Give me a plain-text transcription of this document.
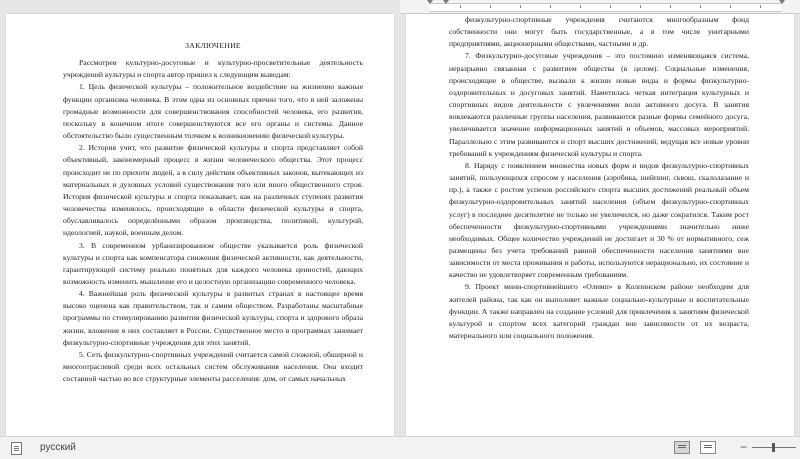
ЗАКЛЮЧЕНИЕ

Рассмотрев культурно-досуговые и культурно-просветительные деятельность учреждений культуры и спорта автор пришел к следующим выводам:

1. Цель физической культуры – положительное воздействие на жизненно важные функции организма человека. В этом одна из основных причин того, что в ней заложены громадные возможности для совершенствования способностей человека, его развития, поскольку в конечном итоге совершенствуются все его органы и системы. Данное обстоятельство было существенным толчком к возникновению физической культуры.

2. История учит, что развитие физической культуры и спорта представляет собой объективный, закономерный процесс в жизни человеческого общества. Этот процесс происходит не по прихоти людей, а в силу действия объективных законов, вытекающих из материальных и духовных условий существования того или иного общественного строя. История физической культуры и спорта показывает, как на различных ступенях развития человечества изменялось, происходящие в области физической культуры и спорта, обуславливалось определёнными образом производства, политикой, культурой, идеологией, наукой, военным делом.

3. В современном урбанизированном обществе указывается роль физической культуры и спорта как компенсатора снижения физической активности, как деятельности, гарантирующей систему реально понятных для каждого человека ценностей, дающих возможность изменить мышление его и целостную организацию современного человека.

4. Важнейшая роль физической культуры в развитых странах в настоящее время высоко оценена как правительством, так и самим обществом. Разработаны масштабные программы по стимулированию развития физической культуры, спорта и здорового образа жизни, вложение в них составляет в России. Существенное место в программах занимает физкультурно-спортивные учреждения для этих занятий.

5. Сеть физкультурно-спортивных учреждений считается самой сложной, обширной и многоотраслевой среди всех остальных систем обслуживания населения. Она входит составной частью во все структурные элементы расселения: дом, от самых начальных

физкультурно-спортивные учреждения считаются многообразным фонд собственности они могут быть государственные, а в том числе унитарными предприятиями, акционерными обществами, частными и др.

7. Физкультурно-досуговые учреждения – это постоянно изменяющаяся система, неразрывно связанная с развитием общества (в целом). Социальные изменения, происходящие в обществе, вызвали к жизни новые виды и формы физкультурно-оздоровительных и досуговых занятий. Наметилась четкая интеграция культурных и спортивных видов деятельности с увлечениями воли активного досуга. В занятия вовлекаются различные группы населения, развиваются разные формы семейного досуга, увеличивается значение информационных занятий и объемов, массовых мероприятий. Параллельно с этим развиваются и спорт высших достижений, ведущая все новые уровни требований к учреждениям физической культуры и спорта.

8. Наряду с появлением множества новых форм и видов физкультурно-спортивных занятий, пользующихся спросом у населения (аэробика, шейпинг, сквош, скалолазание и пр.), а также с ростом успехов российского спорта высших достижений реальный объем физкультурно-оздоровительных занятий населения (объем физкультурно-спортивных услуг) в последнее десятилетие не только не увеличился, но даже сократился. Таким рост обеспеченности физкультурно-спортивными учреждениями значительно ниже необходимых. Общее количество учреждений не достигает и 30 % от нормативного, сеж размещены без учета требований равной обеспеченности населения занятиями вне зависимости от места проживания и работы, используются нерационально, их состояние и качество не удовлетворяет современным требованиям.

9. Проект мини-спортивнейшего «Олимп» в Колпинском районе необходим для жителей района, так как он выполняет важные социально-культурные и воспитательные функции. А также направлен на создание условий для привлечения к занятиям физической культурой и спортом всех категорий граждан вне зависимости от их возраста, материального или социального положения.

русский
	−
